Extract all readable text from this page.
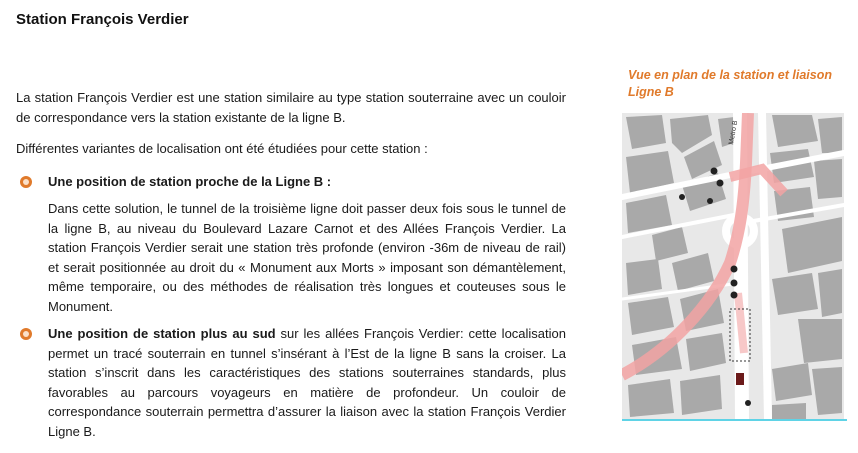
Station François Verdier

La station François Verdier est une station similaire au type station souterraine avec un couloir de correspondance vers la station existante de la ligne B.

Différentes variantes de localisation ont été étudiées pour cette station :

Une position de station proche de la Ligne B :
Dans cette solution, le tunnel de la troisième ligne doit passer deux fois sous le tunnel de la ligne B, au niveau du Boulevard Lazare Carnot et des Allées François Verdier. La station François Verdier serait une station très profonde (environ -36m de niveau de rail) et serait positionnée au droit du « Monument aux Morts » imposant son démantèlement, même temporaire, ou des méthodes de réalisation très longues et couteuses sous le Monument.
Une position de station plus au sud sur les allées François Verdier: cette localisation permet un tracé souterrain en tunnel s’insérant à l’Est de la ligne B sans la croiser. La station s’inscrit dans les caractéristiques des stations souterraines standards, plus favorables au parcours voyageurs en matière de profondeur. Un couloir de correspondance souterrain permettra d’assurer la liaison avec la station François Verdier Ligne B.
Vue en plan de la station et liaison Ligne B
Metro B
